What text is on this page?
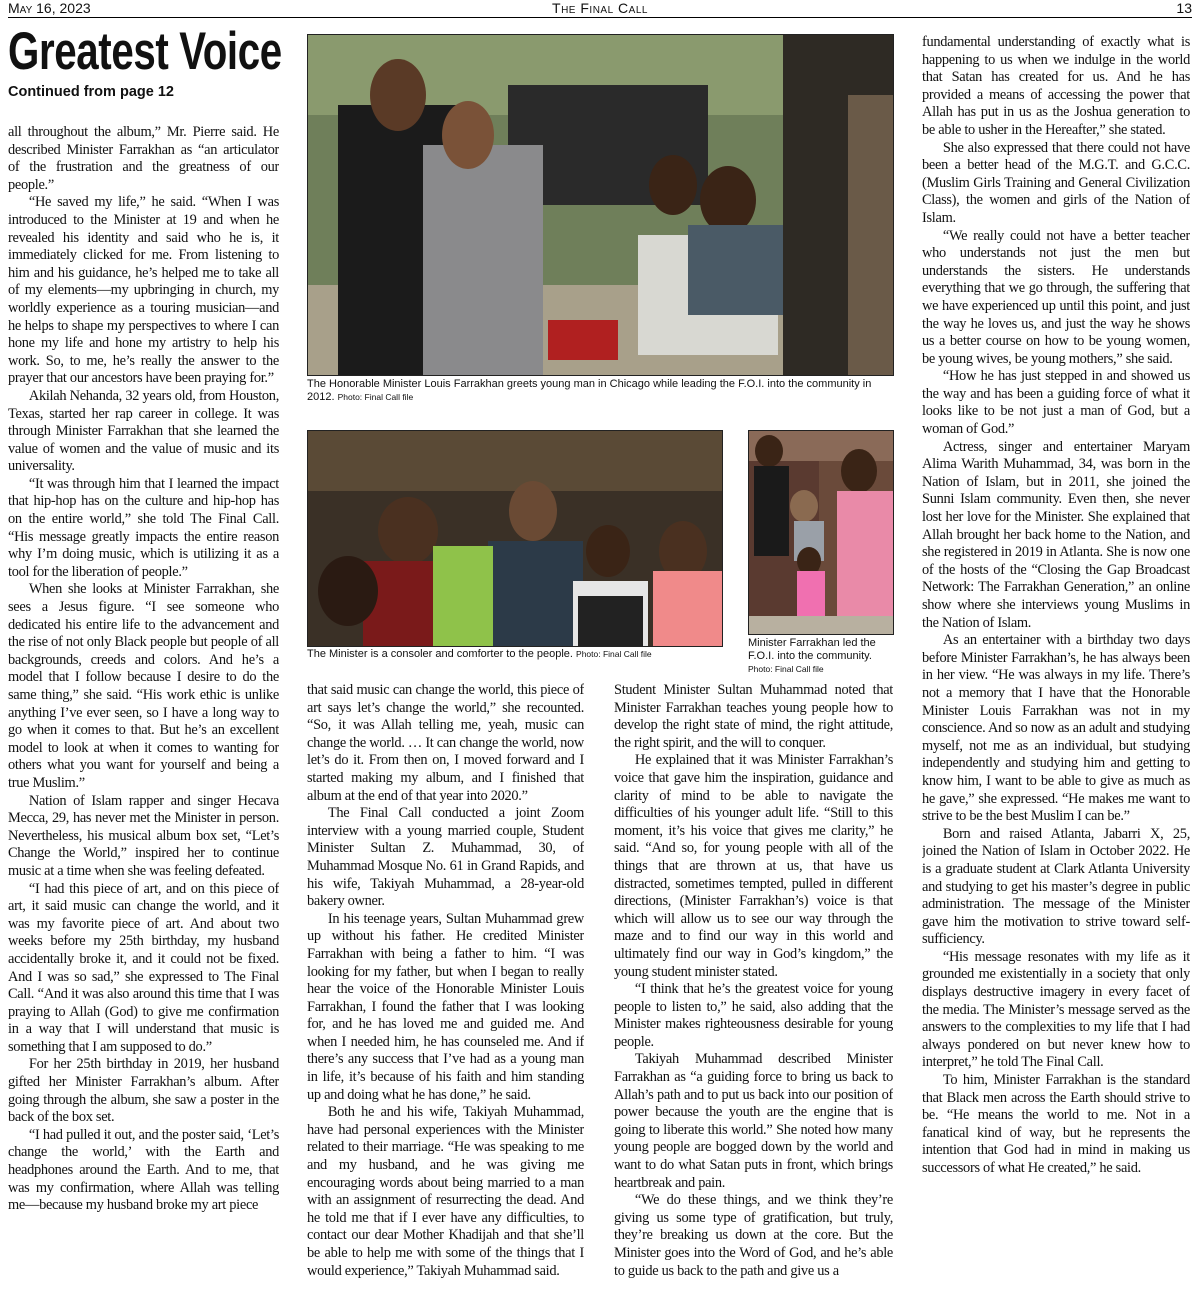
May 16, 2023	The Final Call	13
Greatest Voice
Continued from page 12

all throughout the album,” Mr. Pierre said. He described Minister Farrakhan as “an articulator of the frustration and the greatness of our people.”

“He saved my life,” he said. “When I was introduced to the Minister at 19 and when he revealed his identity and said who he is, it immediately clicked for me. From listening to him and his guidance, he’s helped me to take all of my elements—my upbringing in church, my worldly experience as a touring musician—and he helps to shape my perspectives to where I can hone my life and hone my artistry to help his work. So, to me, he’s really the answer to the prayer that our ancestors have been praying for.”

Akilah Nehanda, 32 years old, from Houston, Texas, started her rap career in college. It was through Minister Farrakhan that she learned the value of women and the value of music and its universality.

“It was through him that I learned the impact that hip-hop has on the culture and hip-hop has on the entire world,” she told The Final Call. “His message greatly impacts the entire reason why I’m doing music, which is utilizing it as a tool for the liberation of people.”

When she looks at Minister Farrakhan, she sees a Jesus figure. “I see someone who dedicated his entire life to the advancement and the rise of not only Black people but people of all backgrounds, creeds and colors. And he’s a model that I follow because I desire to do the same thing,” she said. “His work ethic is unlike anything I’ve ever seen, so I have a long way to go when it comes to that. But he’s an excellent model to look at when it comes to wanting for others what you want for yourself and being a true Muslim.”

Nation of Islam rapper and singer Hecava Mecca, 29, has never met the Minister in person. Nevertheless, his musical album box set, “Let’s Change the World,” inspired her to continue music at a time when she was feeling defeated.

“I had this piece of art, and on this piece of art, it said music can change the world, and it was my favorite piece of art. And about two weeks before my 25th birthday, my husband accidentally broke it, and it could not be fixed. And I was so sad,” she expressed to The Final Call. “And it was also around this time that I was praying to Allah (God) to give me confirmation in a way that I will understand that music is something that I am supposed to do.”

For her 25th birthday in 2019, her husband gifted her Minister Farrakhan’s album. After going through the album, she saw a poster in the back of the box set.

“I had pulled it out, and the poster said, ‘Let’s change the world,’ with the Earth and headphones around the Earth. And to me, that was my confirmation, where Allah was telling me—because my husband broke my art piece

that said music can change the world, this piece of art says let’s change the world,” she recounted. “So, it was Allah telling me, yeah, music can change the world. … It can change the world, now let’s do it. From then on, I moved forward and I started making my album, and I finished that album at the end of that year into 2020.”

The Final Call conducted a joint Zoom interview with a young married couple, Student Minister Sultan Z. Muhammad, 30, of Muhammad Mosque No. 61 in Grand Rapids, and his wife, Takiyah Muhammad, a 28-year-old bakery owner.

In his teenage years, Sultan Muhammad grew up without his father. He credited Minister Farrakhan with being a father to him. “I was looking for my father, but when I began to really hear the voice of the Honorable Minister Louis Farrakhan, I found the father that I was looking for, and he has loved me and guided me. And when I needed him, he has counseled me. And if there’s any success that I’ve had as a young man in life, it’s because of his faith and him standing up and doing what he has done,” he said.

Both he and his wife, Takiyah Muhammad, have had personal experiences with the Minister related to their marriage. “He was speaking to me and my husband, and he was giving me encouraging words about being married to a man with an assignment of resurrecting the dead. And he told me that if I ever have any difficulties, to contact our dear Mother Khadijah and that she’ll be able to help me with some of the things that I would experience,” Takiyah Muhammad said.

Student Minister Sultan Muhammad noted that Minister Farrakhan teaches young people how to develop the right state of mind, the right attitude, the right spirit, and the will to conquer.

He explained that it was Minister Farrakhan’s voice that gave him the inspiration, guidance and clarity of mind to be able to navigate the difficulties of his younger adult life. “Still to this moment, it’s his voice that gives me clarity,” he said. “And so, for young people with all of the things that are thrown at us, that have us distracted, sometimes tempted, pulled in different directions, (Minister Farrakhan’s) voice is that which will allow us to see our way through the maze and to find our way in this world and ultimately find our way in God’s kingdom,” the young student minister stated.

“I think that he’s the greatest voice for young people to listen to,” he said, also adding that the Minister makes righteousness desirable for young people.

Takiyah Muhammad described Minister Farrakhan as “a guiding force to bring us back to Allah’s path and to put us back into our position of power because the youth are the engine that is going to liberate this world.” She noted how many young people are bogged down by the world and want to do what Satan puts in front, which brings heartbreak and pain.

“We do these things, and we think they’re giving us some type of gratification, but truly, they’re breaking us down at the core. But the Minister goes into the Word of God, and he’s able to guide us back to the path and give us a

fundamental understanding of exactly what is happening to us when we indulge in the world that Satan has created for us. And he has provided a means of accessing the power that Allah has put in us as the Joshua generation to be able to usher in the Hereafter,” she stated.

She also expressed that there could not have been a better head of the M.G.T. and G.C.C. (Muslim Girls Training and General Civilization Class), the women and girls of the Nation of Islam.

“We really could not have a better teacher who understands not just the men but understands the sisters. He understands everything that we go through, the suffering that we have experienced up until this point, and just the way he loves us, and just the way he shows us a better course on how to be young women, be young wives, be young mothers,” she said.

“How he has just stepped in and showed us the way and has been a guiding force of what it looks like to be not just a man of God, but a woman of God.”

Actress, singer and entertainer Maryam Alima Warith Muhammad, 34, was born in the Nation of Islam, but in 2011, she joined the Sunni Islam community. Even then, she never lost her love for the Minister. She explained that Allah brought her back home to the Nation, and she registered in 2019 in Atlanta. She is now one of the hosts of the “Closing the Gap Broadcast Network: The Farrakhan Generation,” an online show where she interviews young Muslims in the Nation of Islam.

As an entertainer with a birthday two days before Minister Farrakhan’s, he has always been in her view. “He was always in my life. There’s not a memory that I have that the Honorable Minister Louis Farrakhan was not in my conscience. And so now as an adult and studying myself, not me as an individual, but studying independently and studying him and getting to know him, I want to be able to give as much as he gave,” she expressed. “He makes me want to strive to be the best Muslim I can be.”

Born and raised Atlanta, Jabarri X, 25, joined the Nation of Islam in October 2022. He is a graduate student at Clark Atlanta University and studying to get his master’s degree in public administration. The message of the Minister gave him the motivation to strive toward self-sufficiency.

“His message resonates with my life as it grounded me existentially in a society that only displays destructive imagery in every facet of the media. The Minister’s message served as the answers to the complexities to my life that I had always pondered on but never knew how to interpret,” he told The Final Call.

To him, Minister Farrakhan is the standard that Black men across the Earth should strive to be. “He means the world to me. Not in a fanatical kind of way, but he represents the intention that God had in mind in making us successors of what He created,” he said.

The Honorable Minister Louis Farrakhan greets young man in Chicago while leading the F.O.I. into the community in 2012. Photo: Final Call file
The Minister is a consoler and comforter to the people. Photo: Final Call file
Minister Farrakhan led the F.O.I. into the community.
Photo: Final Call file
